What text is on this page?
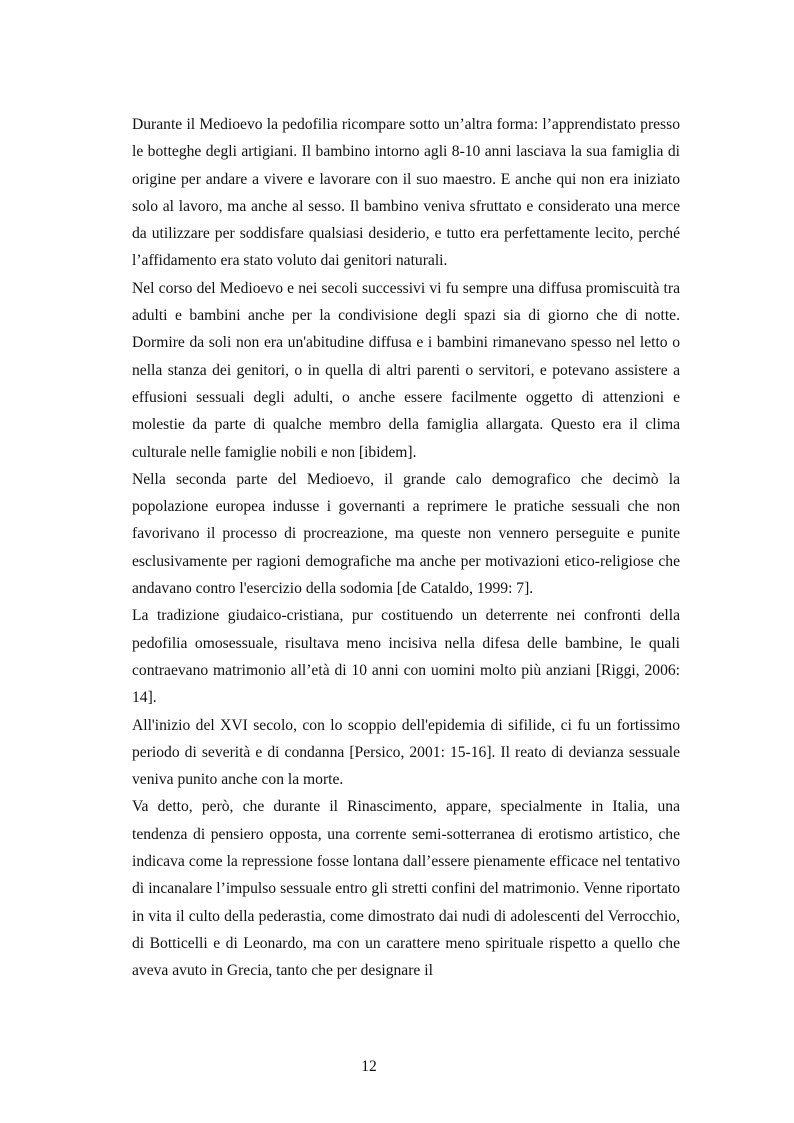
Durante il Medioevo la pedofilia ricompare sotto un’altra forma: l’apprendistato presso le botteghe degli artigiani. Il bambino intorno agli 8-10 anni lasciava la sua famiglia di origine per andare a vivere e lavorare con il suo maestro. E anche qui non era iniziato solo al lavoro, ma anche al sesso. Il bambino veniva sfruttato e considerato una merce da utilizzare per soddisfare qualsiasi desiderio, e tutto era perfettamente lecito, perché l’affidamento era stato voluto dai genitori naturali.

Nel corso del Medioevo e nei secoli successivi vi fu sempre una diffusa promiscuità tra adulti e bambini anche per la condivisione degli spazi sia di giorno che di notte. Dormire da soli non era un'abitudine diffusa e i bambini rimanevano spesso nel letto o nella stanza dei genitori, o in quella di altri parenti o servitori, e potevano assistere a effusioni sessuali degli adulti, o anche essere facilmente oggetto di attenzioni e molestie da parte di qualche membro della famiglia allargata. Questo era il clima culturale nelle famiglie nobili e non [ibidem].

Nella seconda parte del Medioevo, il grande calo demografico che decimò la popolazione europea indusse i governanti a reprimere le pratiche sessuali che non favorivano il processo di procreazione, ma queste non vennero perseguite e punite esclusivamente per ragioni demografiche ma anche per motivazioni etico-religiose che andavano contro l'esercizio della sodomia [de Cataldo, 1999: 7].

La tradizione giudaico-cristiana, pur costituendo un deterrente nei confronti della pedofilia omosessuale, risultava meno incisiva nella difesa delle bambine, le quali contraevano matrimonio all’età di 10 anni con uomini molto più anziani [Riggi, 2006: 14].

All'inizio del XVI secolo, con lo scoppio dell'epidemia di sifilide, ci fu un fortissimo periodo di severità e di condanna [Persico, 2001: 15-16]. Il reato di devianza sessuale veniva punito anche con la morte.

Va detto, però, che durante il Rinascimento, appare, specialmente in Italia, una tendenza di pensiero opposta, una corrente semi-sotterranea di erotismo artistico, che indicava come la repressione fosse lontana dall’essere pienamente efficace nel tentativo di incanalare l’impulso sessuale entro gli stretti confini del matrimonio. Venne riportato in vita il culto della pederastia, come dimostrato dai nudi di adolescenti del Verrocchio, di Botticelli e di Leonardo, ma con un carattere meno spirituale rispetto a quello che aveva avuto in Grecia, tanto che per designare il

12
